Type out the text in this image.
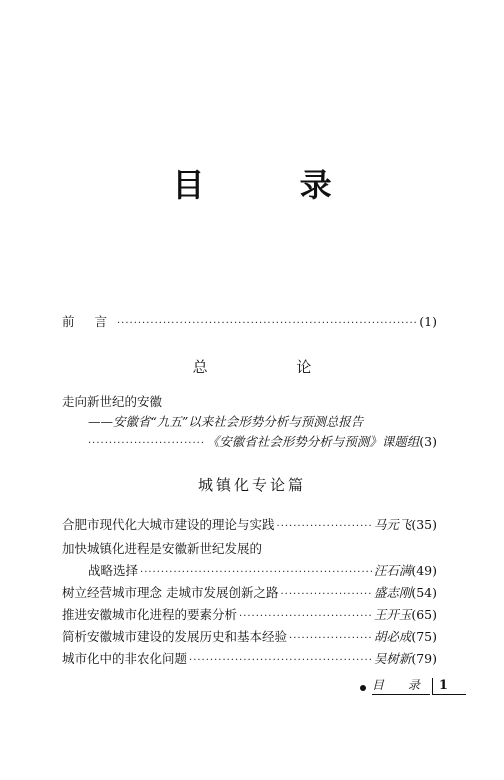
目 录
前 言 ·····	(1)
总 论
走向新世纪的安徽
——安徽省“九五”以来社会形势分析与预测总报告
·····
《安徽省社会形势分析与预测》课题组 (3)
城镇化专论篇
合肥市现代化大城市建设的理论与实践 ·····	马元飞 (35)
加快城镇化进程是安徽新世纪发展的
战略选择 ·····	汪石满 (49)
树立经营城市理念 走城市发展创新之路 ·····	盛志刚 (54)
推进安徽城市化进程的要素分析 ·····	王开玉 (65)
简析安徽城市建设的发展历史和基本经验 ·····	胡必成 (75)
城市化中的非农化问题 ·····	吴树新 (79)
目 录 1
